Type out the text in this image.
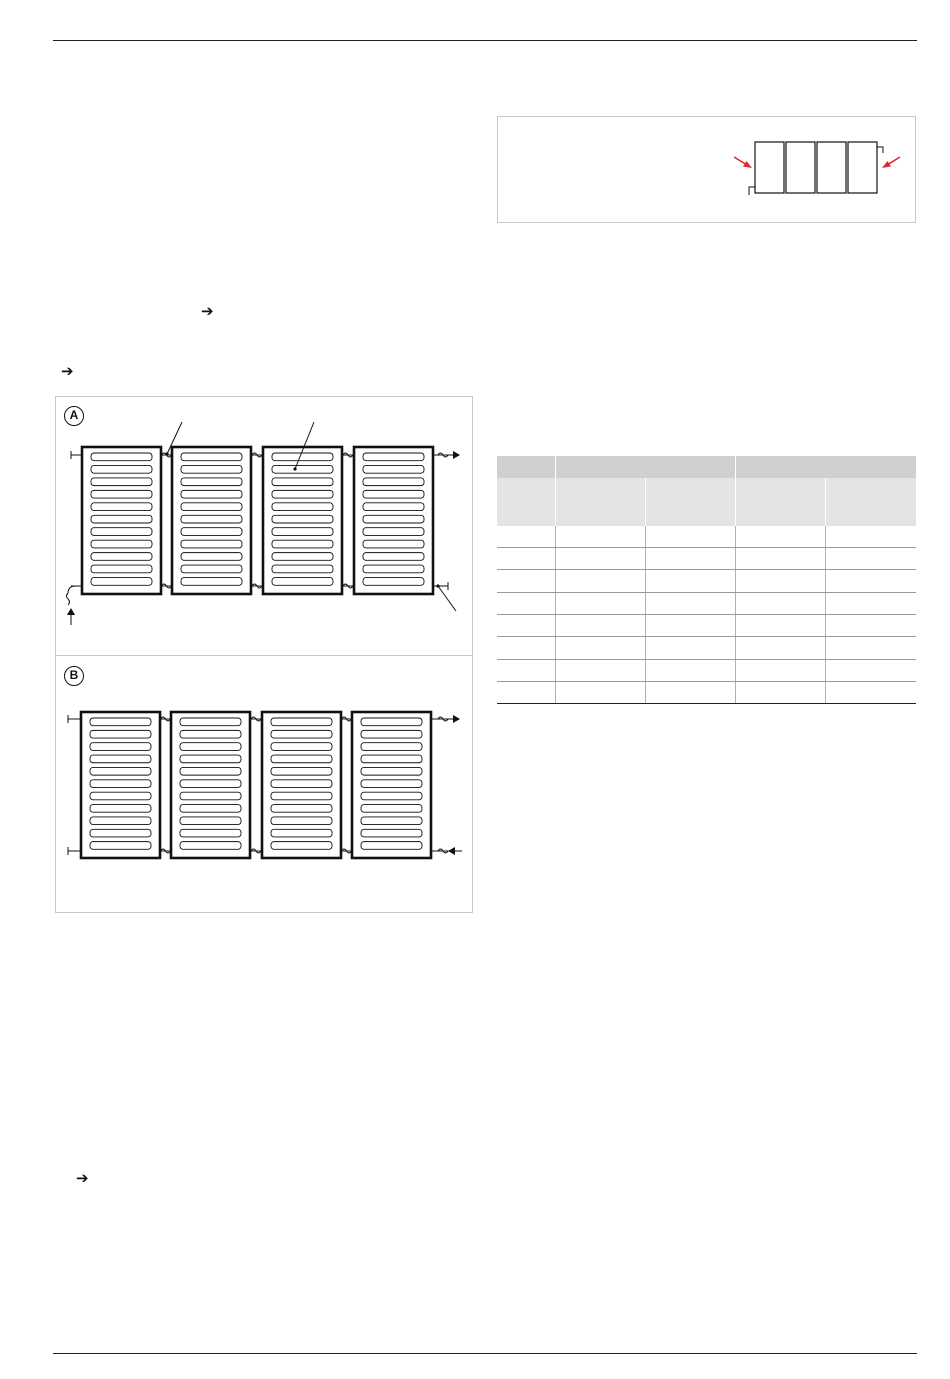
➔
➔
➔
A
B
